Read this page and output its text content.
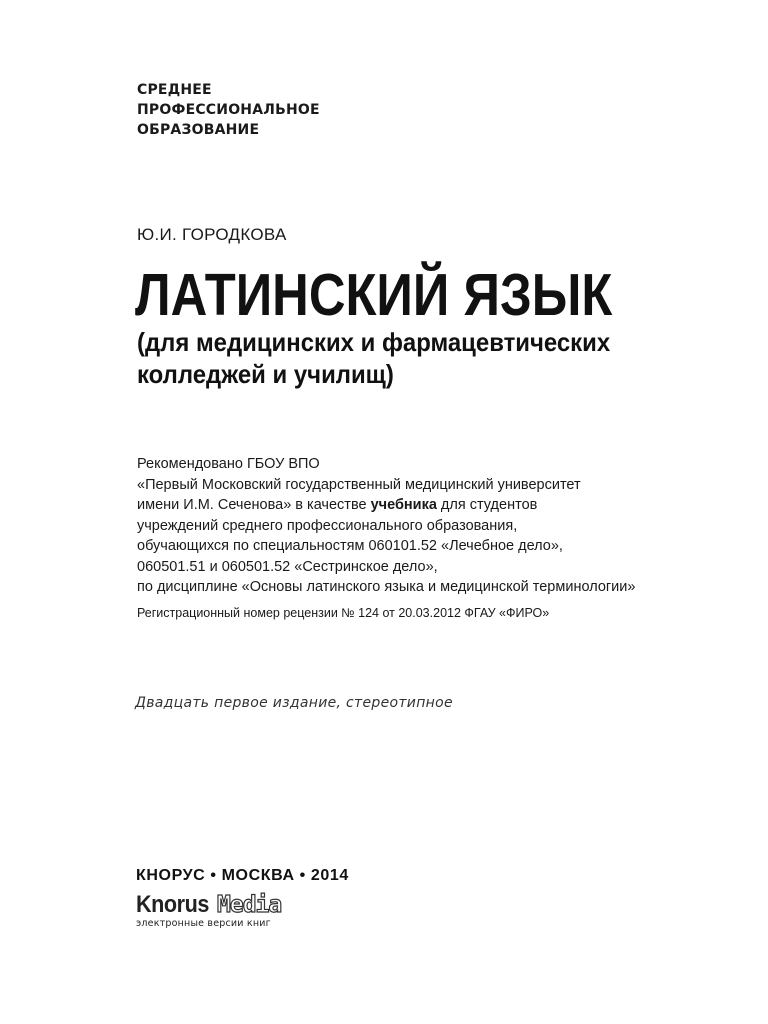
СРЕДНЕЕ
ПРОФЕССИОНАЛЬНОЕ
ОБРАЗОВАНИЕ
Ю.И. ГОРОДКОВА
ЛАТИНСКИЙ ЯЗЫК
(для медицинских и фармацевтических
колледжей и училищ)
Рекомендовано ГБОУ ВПО
«Первый Московский государственный медицинский университет
имени И.М. Сеченова» в качестве учебника для студентов
учреждений среднего профессионального образования,
обучающихся по специальностям 060101.52 «Лечебное дело»,
060501.51 и 060501.52 «Сестринское дело»,
по дисциплине «Основы латинского языка и медицинской терминологии»
Регистрационный номер рецензии № 124 от 20.03.2012 ФГАУ «ФИРО»
Двадцать первое издание, стереотипное
КНОРУС • МОСКВА • 2014
Knorus Media
электронные версии книг
